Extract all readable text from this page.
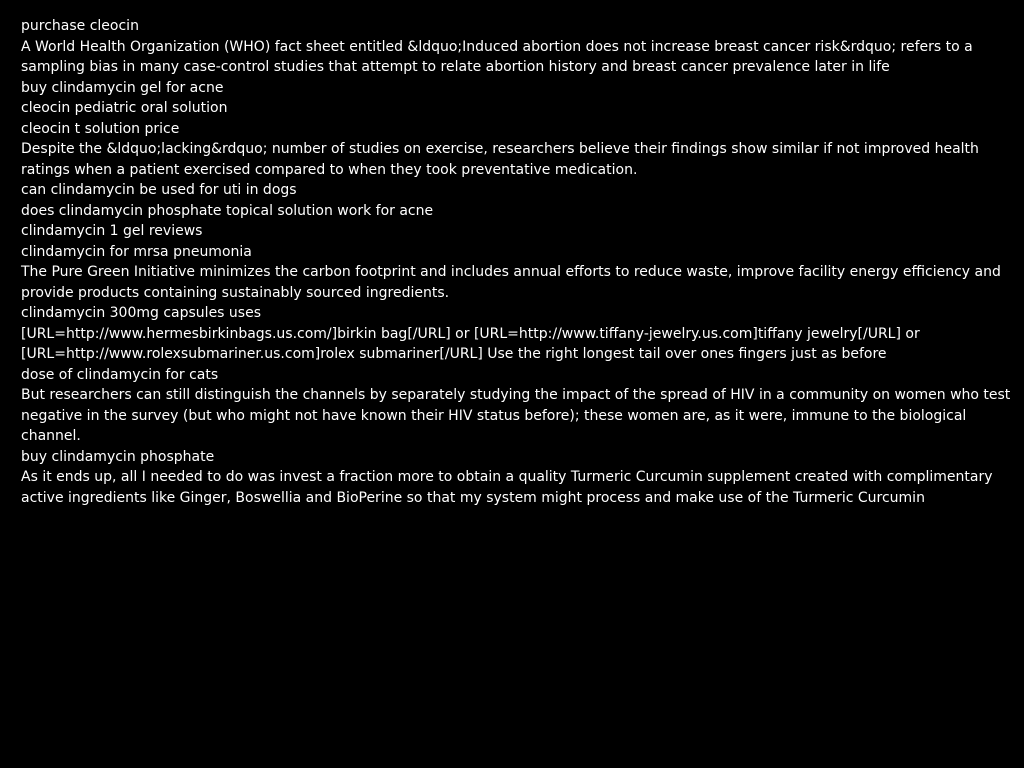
purchase cleocin

A World Health Organization (WHO) fact sheet entitled &ldquo;Induced abortion does not increase breast cancer risk&rdquo; refers to a sampling bias in many case-control studies that attempt to relate abortion history and breast cancer prevalence later in life

buy clindamycin gel for acne

cleocin pediatric oral solution

cleocin t solution price

Despite the &ldquo;lacking&rdquo; number of studies on exercise, researchers believe their findings show similar if not improved health ratings when a patient exercised compared to when they took preventative medication.

can clindamycin be used for uti in dogs

does clindamycin phosphate topical solution work for acne

clindamycin 1 gel reviews

clindamycin for mrsa pneumonia

The Pure Green Initiative minimizes the carbon footprint and includes annual efforts to reduce waste, improve facility energy efficiency and provide products containing sustainably sourced ingredients.

clindamycin 300mg capsules uses

[URL=http://www.hermesbirkinbags.us.com/]birkin bag[/URL] or [URL=http://www.tiffany-jewelry.us.com]tiffany jewelry[/URL] or [URL=http://www.rolexsubmariner.us.com]rolex submariner[/URL] Use the right longest tail over ones fingers just as before

dose of clindamycin for cats

But researchers can still distinguish the channels by separately studying the impact of the spread of HIV in a community on women who test negative in the survey (but who might not have known their HIV status before); these women are, as it were, immune to the biological channel.

buy clindamycin phosphate

As it ends up, all I needed to do was invest a fraction more to obtain a quality Turmeric Curcumin supplement created with complimentary active ingredients like Ginger, Boswellia and BioPerine so that my system might process and make use of the Turmeric Curcumin
